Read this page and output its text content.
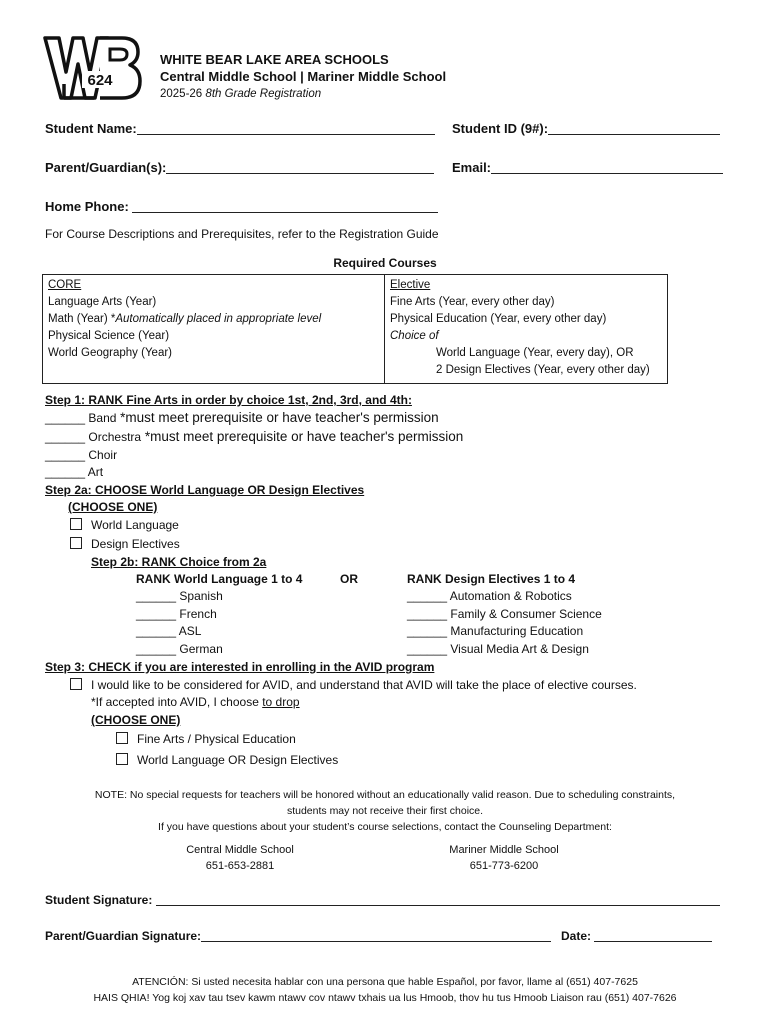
624
WHITE BEAR LAKE AREA SCHOOLS
Central Middle School | Mariner Middle School
2025-26 8th Grade Registration
Student Name:	Student ID (9#):
Parent/Guardian(s):	Email:
Home Phone:
For Course Descriptions and Prerequisites, refer to the Registration Guide
Required Courses
CORE
Language Arts (Year)
Math (Year) *Automatically placed in appropriate level
Physical Science (Year)
World Geography (Year)

Elective
Fine Arts (Year, every other day)
Physical Education (Year, every other day)
Choice of
World Language (Year, every day), OR
2 Design Electives (Year, every other day)
Step 1: RANK Fine Arts in order by choice 1st, 2nd, 3rd, and 4th:
______ Band *must meet prerequisite or have teacher's permission
______ Orchestra *must meet prerequisite or have teacher's permission
______ Choir
______ Art
Step 2a: CHOOSE World Language OR Design Electives
(CHOOSE ONE)
World Language
Design Electives
Step 2b: RANK Choice from 2a
RANK World Language 1 to 4	OR	RANK Design Electives 1 to 4
______ Spanish
______ French
______ ASL
______ German
______ Automation & Robotics
______ Family & Consumer Science
______ Manufacturing Education
______ Visual Media Art & Design
Step 3: CHECK if you are interested in enrolling in the AVID program
I would like to be considered for AVID, and understand that AVID will take the place of elective courses.
*If accepted into AVID, I choose to drop
(CHOOSE ONE)
Fine Arts / Physical Education
World Language OR Design Electives
NOTE: No special requests for teachers will be honored without an educationally valid reason. Due to scheduling constraints,
students may not receive their first choice.
If you have questions about your student’s course selections, contact the Counseling Department:
Central Middle School
651-653-2881
Mariner Middle School
651-773-6200
Student Signature:
Parent/Guardian Signature:	Date:
ATENCIÓN: Si usted necesita hablar con una persona que hable Español, por favor, llame al (651) 407-7625
HAIS QHIA! Yog koj xav tau tsev kawm ntawv cov ntawv txhais ua lus Hmoob, thov hu tus Hmoob Liaison rau (651) 407-7626
